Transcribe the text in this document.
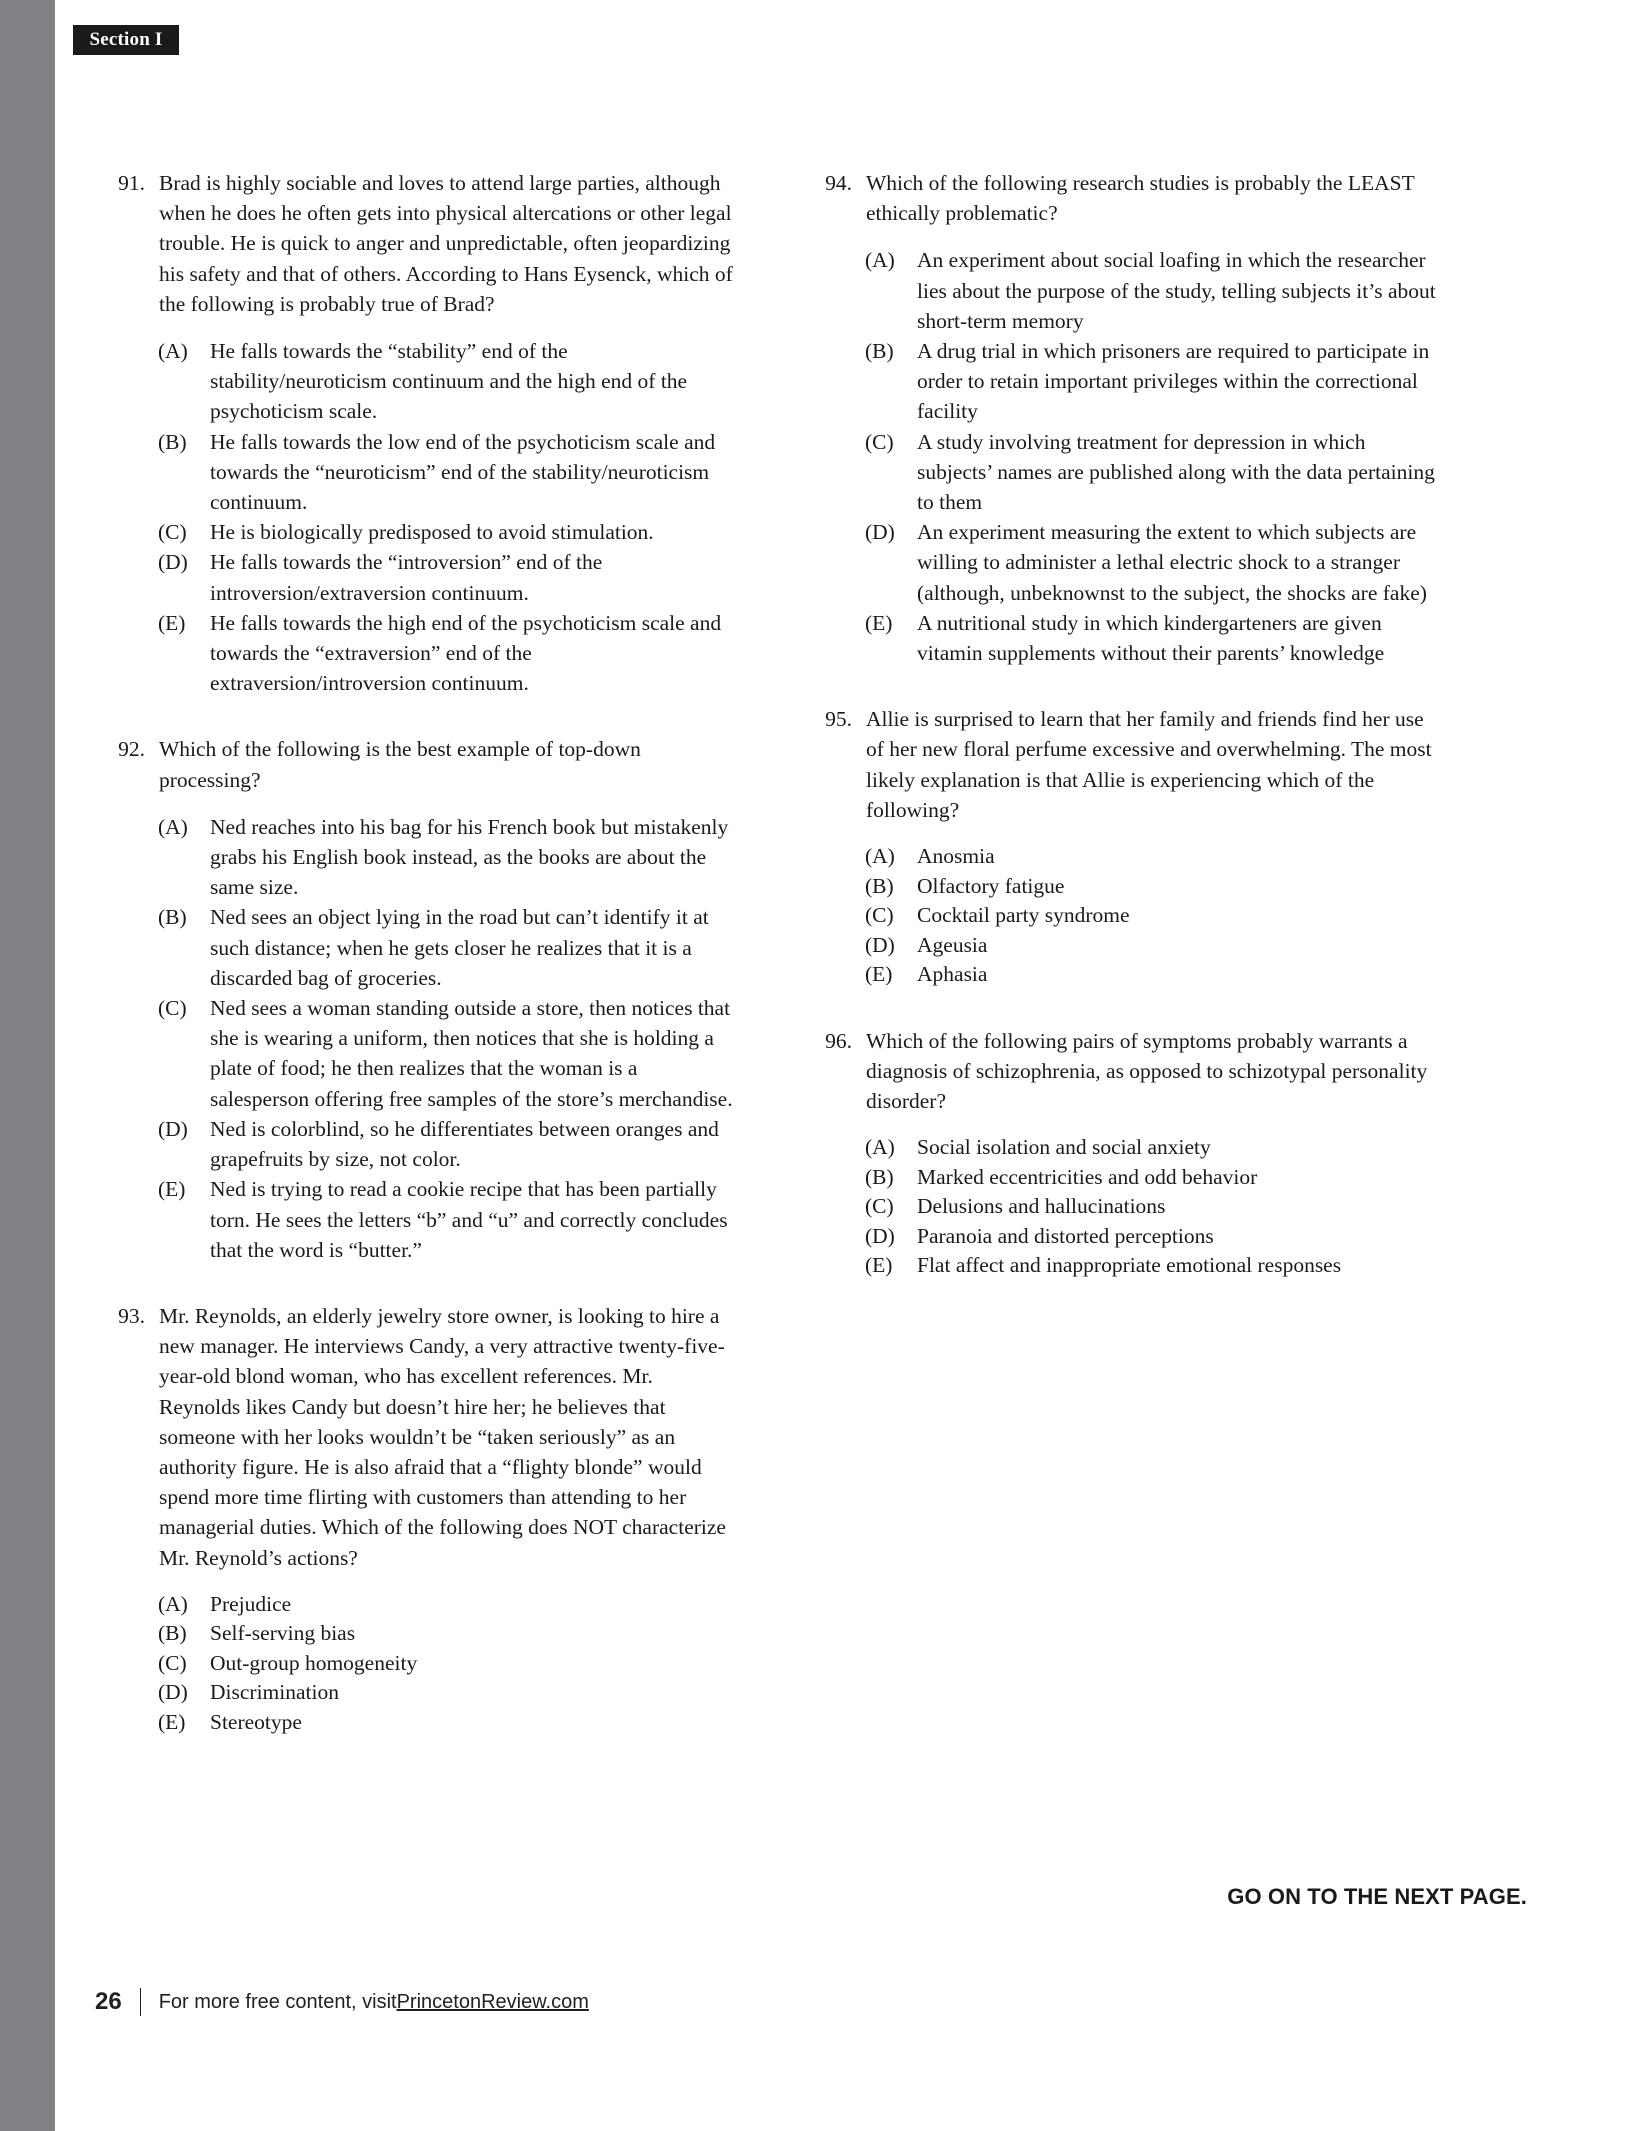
Section I
91. Brad is highly sociable and loves to attend large parties, although when he does he often gets into physical altercations or other legal trouble. He is quick to anger and unpredictable, often jeopardizing his safety and that of others. According to Hans Eysenck, which of the following is probably true of Brad?
(A)	He falls towards the “stability” end of the stability/neuroticism continuum and the high end of the psychoticism scale.
(B)	He falls towards the low end of the psychoticism scale and towards the “neuroticism” end of the stability/neuroticism continuum.
(C)	He is biologically predisposed to avoid stimulation.
(D)	He falls towards the “introversion” end of the introversion/extraversion continuum.
(E)	He falls towards the high end of the psychoticism scale and towards the “extraversion” end of the extraversion/introversion continuum.
92. Which of the following is the best example of top-down processing?
(A)	Ned reaches into his bag for his French book but mistakenly grabs his English book instead, as the books are about the same size.
(B)	Ned sees an object lying in the road but can’t identify it at such distance; when he gets closer he realizes that it is a discarded bag of groceries.
(C)	Ned sees a woman standing outside a store, then notices that she is wearing a uniform, then notices that she is holding a plate of food; he then realizes that the woman is a salesperson offering free samples of the store’s merchandise.
(D)	Ned is colorblind, so he differentiates between oranges and grapefruits by size, not color.
(E)	Ned is trying to read a cookie recipe that has been partially torn. He sees the letters “b” and “u” and correctly concludes that the word is “butter.”
93. Mr. Reynolds, an elderly jewelry store owner, is looking to hire a new manager. He interviews Candy, a very attractive twenty-five-year-old blond woman, who has excellent references. Mr. Reynolds likes Candy but doesn’t hire her; he believes that someone with her looks wouldn’t be “taken seriously” as an authority figure. He is also afraid that a “flighty blonde” would spend more time flirting with customers than attending to her managerial duties. Which of the following does NOT characterize Mr. Reynold’s actions?
(A)	Prejudice
(B)	Self-serving bias
(C)	Out-group homogeneity
(D)	Discrimination
(E)	Stereotype
94. Which of the following research studies is probably the LEAST ethically problematic?
(A)	An experiment about social loafing in which the researcher lies about the purpose of the study, telling subjects it’s about short-term memory
(B)	A drug trial in which prisoners are required to participate in order to retain important privileges within the correctional facility
(C)	A study involving treatment for depression in which subjects’ names are published along with the data pertaining to them
(D)	An experiment measuring the extent to which subjects are willing to administer a lethal electric shock to a stranger (although, unbeknownst to the subject, the shocks are fake)
(E)	A nutritional study in which kindergarteners are given vitamin supplements without their parents’ knowledge
95. Allie is surprised to learn that her family and friends find her use of her new floral perfume excessive and overwhelming. The most likely explanation is that Allie is experiencing which of the following?
(A)	Anosmia
(B)	Olfactory fatigue
(C)	Cocktail party syndrome
(D)	Ageusia
(E)	Aphasia
96. Which of the following pairs of symptoms probably warrants a diagnosis of schizophrenia, as opposed to schizotypal personality disorder?
(A)	Social isolation and social anxiety
(B)	Marked eccentricities and odd behavior
(C)	Delusions and hallucinations
(D)	Paranoia and distorted perceptions
(E)	Flat affect and inappropriate emotional responses
GO ON TO THE NEXT PAGE.
26 For more free content, visit PrincetonReview.com
